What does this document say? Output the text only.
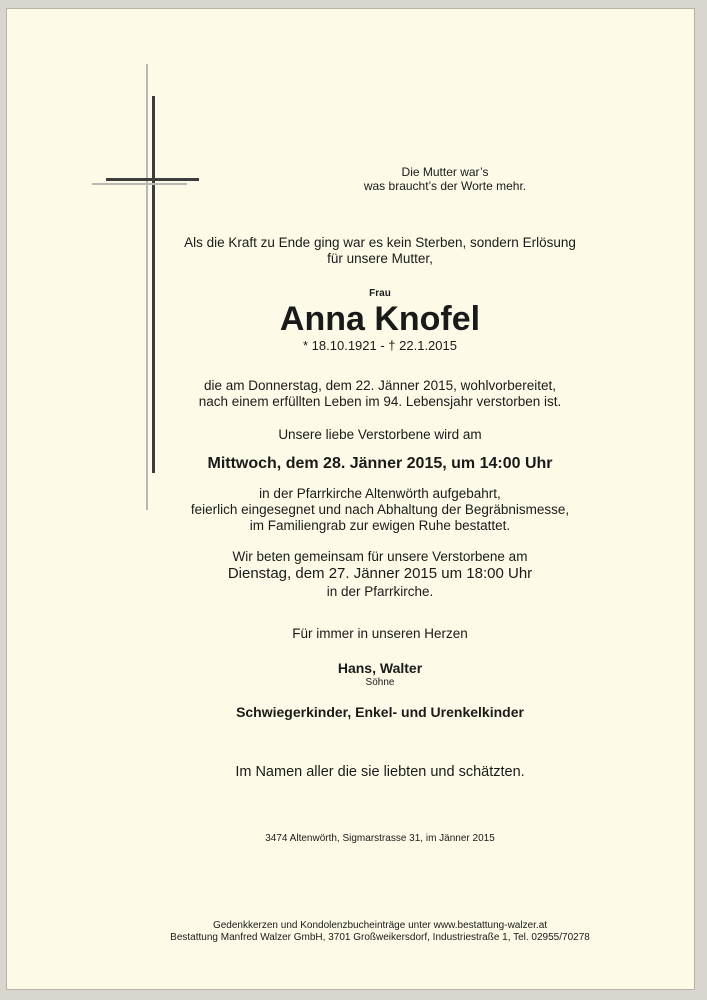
Die Mutter war’s
was braucht’s der Worte mehr.
Als die Kraft zu Ende ging war es kein Sterben, sondern Erlösung
für unsere Mutter,
Frau
Anna Knofel
* 18.10.1921 - † 22.1.2015
die am Donnerstag, dem 22. Jänner 2015, wohlvorbereitet,
nach einem erfüllten Leben im 94. Lebensjahr verstorben ist.
Unsere liebe Verstorbene wird am
Mittwoch, dem 28. Jänner 2015, um 14:00 Uhr
in der Pfarrkirche Altenwörth aufgebahrt,
feierlich eingesegnet und nach Abhaltung der Begräbnismesse,
im Familiengrab zur ewigen Ruhe bestattet.
Wir beten gemeinsam für unsere Verstorbene am
Dienstag, dem 27. Jänner 2015 um 18:00 Uhr
in der Pfarrkirche.
Für immer in unseren Herzen
Hans, Walter
Söhne
Schwiegerkinder, Enkel- und Urenkelkinder
Im Namen aller die sie liebten und schätzten.
3474 Altenwörth, Sigmarstrasse 31, im Jänner 2015
Gedenkkerzen und Kondolenzbucheinträge unter www.bestattung-walzer.at
Bestattung Manfred Walzer GmbH, 3701 Großweikersdorf, Industriestraße 1, Tel. 02955/70278
